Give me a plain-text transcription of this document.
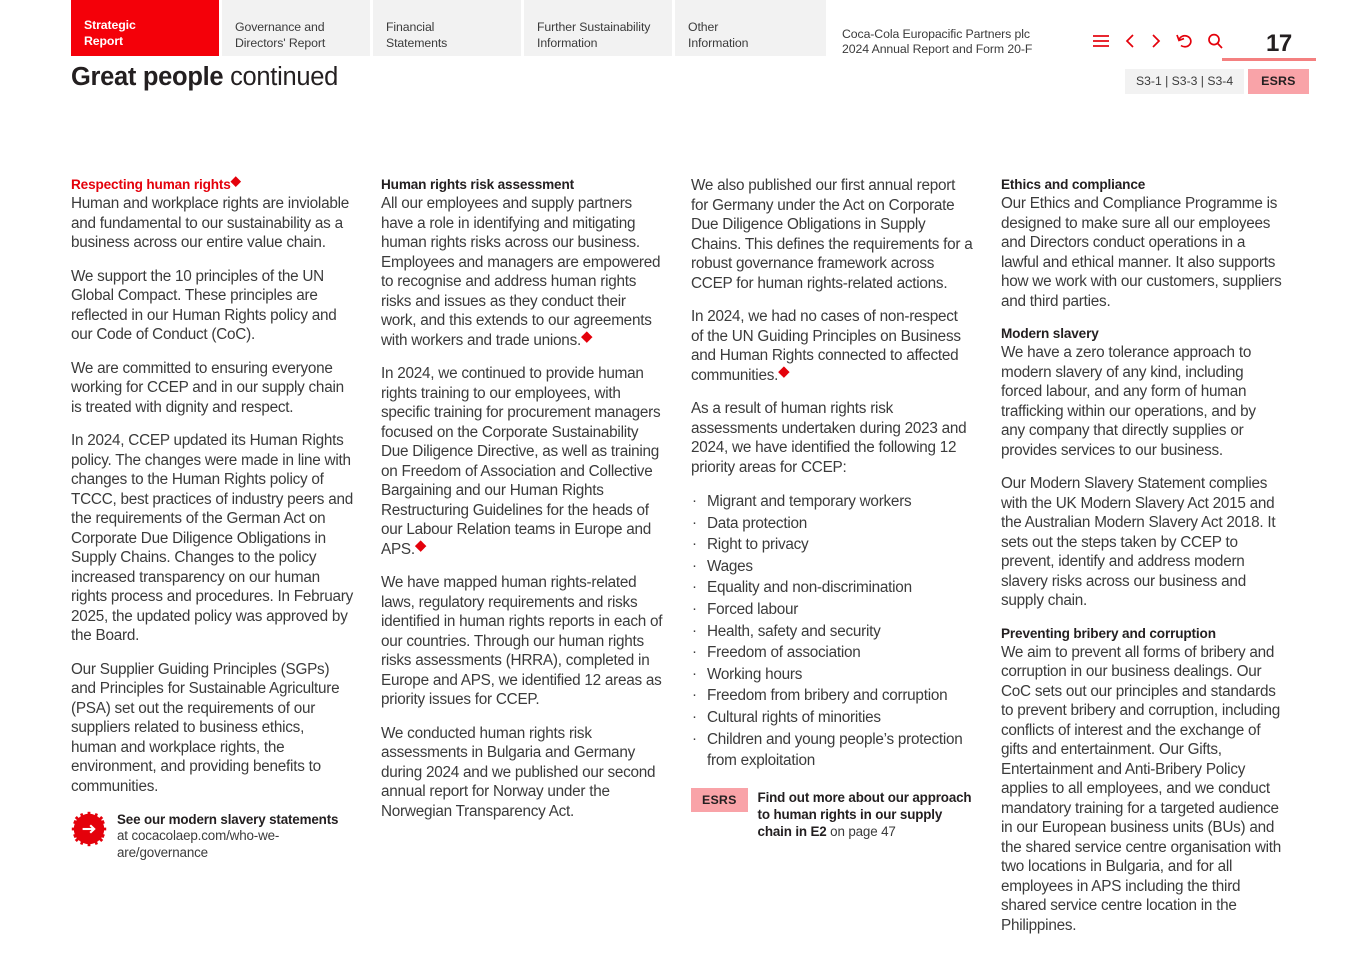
Strategic
Report
Governance and
Directors' Report
Financial
Statements
Further Sustainability
Information
Other
Information
Coca-Cola Europacific Partners plc
2024 Annual Report and Form 20-F	17
Great people continued	S3-1 | S3-3 | S3-4	ESRS
Respecting human rights◆

Human and workplace rights are inviolable and fundamental to our sustainability as a business across our entire value chain.

We support the 10 principles of the UN Global Compact. These principles are reflected in our Human Rights policy and our Code of Conduct (CoC).

We are committed to ensuring everyone working for CCEP and in our supply chain is treated with dignity and respect.

In 2024, CCEP updated its Human Rights policy. The changes were made in line with changes to the Human Rights policy of TCCC, best practices of industry peers and the requirements of the German Act on Corporate Due Diligence Obligations in Supply Chains. Changes to the policy increased transparency on our human rights process and procedures. In February 2025, the updated policy was approved by the Board.

Our Supplier Guiding Principles (SGPs) and Principles for Sustainable Agriculture (PSA) set out the requirements of our suppliers related to business ethics, human and workplace rights, the environment, and providing benefits to communities.

See our modern slavery statements
at cocacolaep.com/who-we-are/governance
Human rights risk assessment

All our employees and supply partners have a role in identifying and mitigating human rights risks across our business. Employees and managers are empowered to recognise and address human rights risks and issues as they conduct their work, and this extends to our agreements with workers and trade unions.◆

In 2024, we continued to provide human rights training to our employees, with specific training for procurement managers focused on the Corporate Sustainability Due Diligence Directive, as well as training on Freedom of Association and Collective Bargaining and our Human Rights Restructuring Guidelines for the heads of our Labour Relation teams in Europe and APS.◆

We have mapped human rights-related laws, regulatory requirements and risks identified in human rights reports in each of our countries. Through our human rights risks assessments (HRRA), completed in Europe and APS, we identified 12 areas as priority issues for CCEP.

We conducted human rights risk assessments in Bulgaria and Germany during 2024 and we published our second annual report for Norway under the Norwegian Transparency Act.

We also published our first annual report for Germany under the Act on Corporate Due Diligence Obligations in Supply Chains. This defines the requirements for a robust governance framework across CCEP for human rights-related actions.

In 2024, we had no cases of non-respect of the UN Guiding Principles on Business and Human Rights connected to affected communities.◆

As a result of human rights risk assessments undertaken during 2023 and 2024, we have identified the following 12 priority areas for CCEP:

· Migrant and temporary workers
· Data protection
· Right to privacy
· Wages
· Equality and non-discrimination
· Forced labour
· Health, safety and security
· Freedom of association
· Working hours
· Freedom from bribery and corruption
· Cultural rights of minorities
· Children and young people’s protection from exploitation
ESRS	Find out more about our approach to human rights in our supply chain in E2 on page 47
Ethics and compliance

Our Ethics and Compliance Programme is designed to make sure all our employees and Directors conduct operations in a lawful and ethical manner. It also supports how we work with our customers, suppliers and third parties.

Modern slavery

We have a zero tolerance approach to modern slavery of any kind, including forced labour, and any form of human trafficking within our operations, and by any company that directly supplies or provides services to our business.

Our Modern Slavery Statement complies with the UK Modern Slavery Act 2015 and the Australian Modern Slavery Act 2018. It sets out the steps taken by CCEP to prevent, identify and address modern slavery risks across our business and supply chain.

Preventing bribery and corruption

We aim to prevent all forms of bribery and corruption in our business dealings. Our CoC sets out our principles and standards to prevent bribery and corruption, including conflicts of interest and the exchange of gifts and entertainment. Our Gifts, Entertainment and Anti-Bribery Policy applies to all employees, and we conduct mandatory training for a targeted audience in our European business units (BUs) and the shared service centre organisation with two locations in Bulgaria, and for all employees in APS including the third shared service centre location in the Philippines.
